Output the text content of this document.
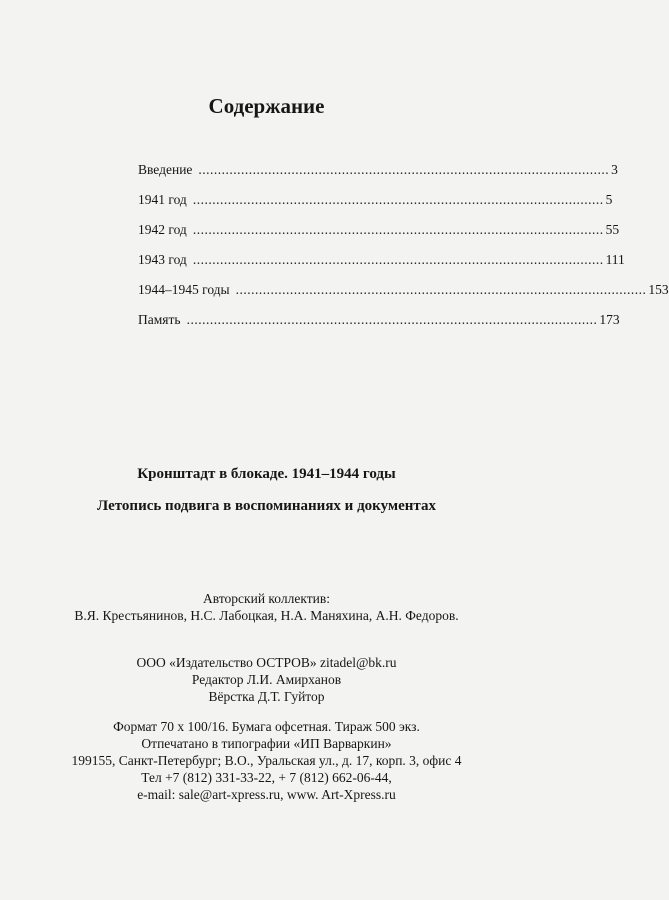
Содержание
Введение .......................................................................................................... 3
1941 год .......................................................................................................... 5
1942 год .......................................................................................................... 55
1943 год .......................................................................................................... 111
1944–1945 годы .......................................................................................................... 153
Память .......................................................................................................... 173
Кронштадт в блокаде. 1941–1944 годы
Летопись подвига в воспоминаниях и документах
Авторский коллектив:
В.Я. Крестьянинов, Н.С. Лабоцкая, Н.А. Маняхина, А.Н. Федоров.
ООО «Издательство ОСТРОВ» zitadel@bk.ru
Редактор Л.И. Амирханов
Вёрстка Д.Т. Гуйтор
Формат 70 х 100/16. Бумага офсетная. Тираж 500 экз.
Отпечатано в типографии «ИП Варваркин»
199155, Санкт-Петербург; В.О., Уральская ул., д. 17, корп. 3, офис 4
Тел +7 (812) 331-33-22, + 7 (812) 662-06-44,
e-mail: sale@art-xpress.ru, www. Art-Xpress.ru
